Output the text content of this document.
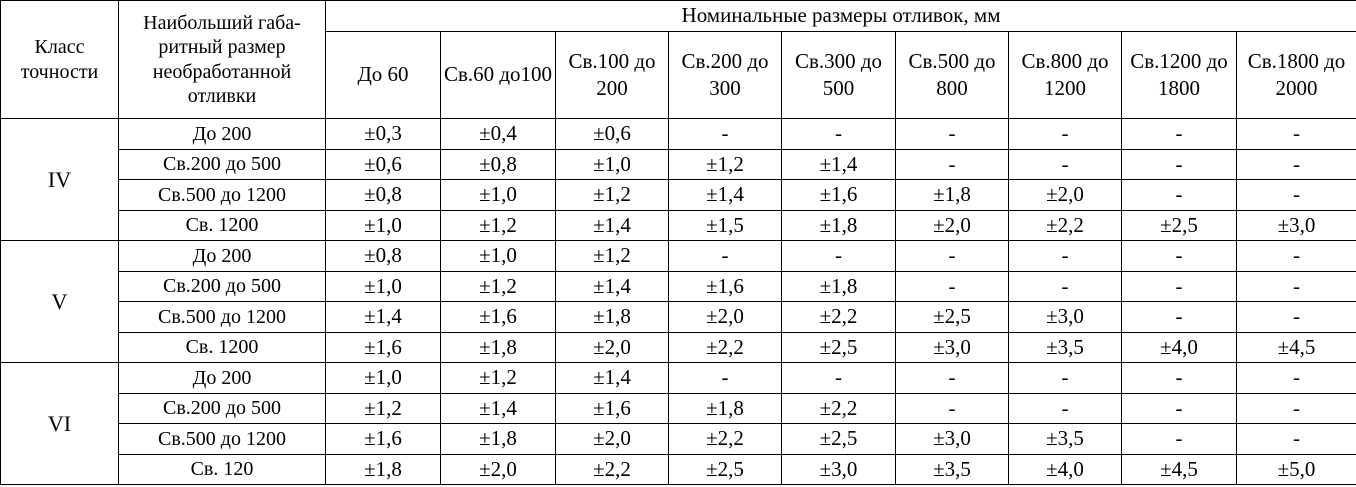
Класс точности	Наибольший габа-ритный размер необработанной отливки	Номинальные размеры отливок, мм								
		До 60	Св.60 до100	Св.100 до 200	Св.200 до 300	Св.300 до 500	Св.500 до 800	Св.800 до 1200	Св.1200 до 1800	Св.1800 до 2000
IV	До 200	±0,3	±0,4	±0,6	-	-	-	-	-	-
	Св.200 до 500	±0,6	±0,8	±1,0	±1,2	±1,4	-	-	-	-
	Св.500 до 1200	±0,8	±1,0	±1,2	±1,4	±1,6	±1,8	±2,0	-	-
	Св. 1200	±1,0	±1,2	±1,4	±1,5	±1,8	±2,0	±2,2	±2,5	±3,0
V	До 200	±0,8	±1,0	±1,2	-	-	-	-	-	-
	Св.200 до 500	±1,0	±1,2	±1,4	±1,6	±1,8	-	-	-	-
	Св.500 до 1200	±1,4	±1,6	±1,8	±2,0	±2,2	±2,5	±3,0	-	-
	Св. 1200	±1,6	±1,8	±2,0	±2,2	±2,5	±3,0	±3,5	±4,0	±4,5
VI	До 200	±1,0	±1,2	±1,4	-	-	-	-	-	-
	Св.200 до 500	±1,2	±1,4	±1,6	±1,8	±2,2	-	-	-	-
	Св.500 до 1200	±1,6	±1,8	±2,0	±2,2	±2,5	±3,0	±3,5	-	-
	Св. 120	±1,8	±2,0	±2,2	±2,5	±3,0	±3,5	±4,0	±4,5	±5,0
